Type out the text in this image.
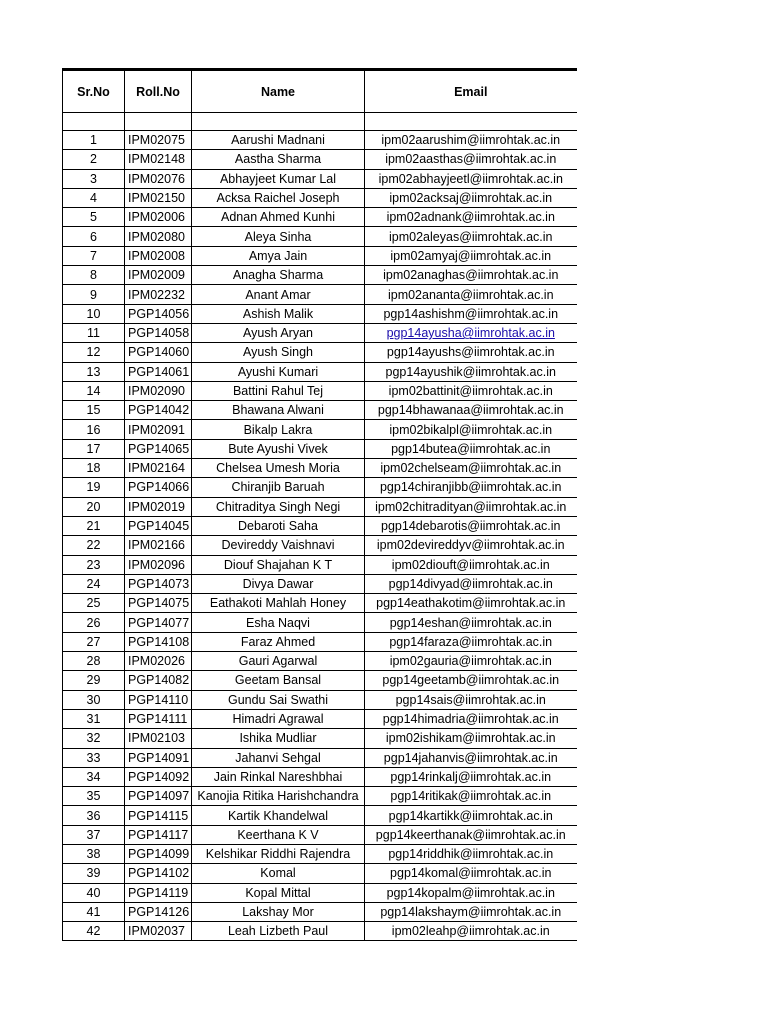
Sr.No	Roll.No	Name	Email

1	IPM02075	Aarushi Madnani	ipm02aarushim@iimrohtak.ac.in
2	IPM02148	Aastha Sharma	ipm02aasthas@iimrohtak.ac.in
3	IPM02076	Abhayjeet Kumar Lal	ipm02abhayjeetl@iimrohtak.ac.in
4	IPM02150	Acksa Raichel Joseph	ipm02acksaj@iimrohtak.ac.in
5	IPM02006	Adnan Ahmed Kunhi	ipm02adnank@iimrohtak.ac.in
6	IPM02080	Aleya Sinha	ipm02aleyas@iimrohtak.ac.in
7	IPM02008	Amya Jain	ipm02amyaj@iimrohtak.ac.in
8	IPM02009	Anagha Sharma	ipm02anaghas@iimrohtak.ac.in
9	IPM02232	Anant Amar	ipm02ananta@iimrohtak.ac.in
10	PGP14056	Ashish Malik	pgp14ashishm@iimrohtak.ac.in
11	PGP14058	Ayush Aryan	pgp14ayusha@iimrohtak.ac.in
12	PGP14060	Ayush Singh	pgp14ayushs@iimrohtak.ac.in
13	PGP14061	Ayushi Kumari	pgp14ayushik@iimrohtak.ac.in
14	IPM02090	Battini Rahul Tej	ipm02battinit@iimrohtak.ac.in
15	PGP14042	Bhawana Alwani	pgp14bhawanaa@iimrohtak.ac.in
16	IPM02091	Bikalp Lakra	ipm02bikalpl@iimrohtak.ac.in
17	PGP14065	Bute Ayushi Vivek	pgp14butea@iimrohtak.ac.in
18	IPM02164	Chelsea Umesh Moria	ipm02chelseam@iimrohtak.ac.in
19	PGP14066	Chiranjib Baruah	pgp14chiranjibb@iimrohtak.ac.in
20	IPM02019	Chitraditya Singh Negi	ipm02chitradityan@iimrohtak.ac.in
21	PGP14045	Debaroti Saha	pgp14debarotis@iimrohtak.ac.in
22	IPM02166	Devireddy Vaishnavi	ipm02devireddyv@iimrohtak.ac.in
23	IPM02096	Diouf Shajahan K T	ipm02diouft@iimrohtak.ac.in
24	PGP14073	Divya Dawar	pgp14divyad@iimrohtak.ac.in
25	PGP14075	Eathakoti Mahlah Honey	pgp14eathakotim@iimrohtak.ac.in
26	PGP14077	Esha Naqvi	pgp14eshan@iimrohtak.ac.in
27	PGP14108	Faraz Ahmed	pgp14faraza@iimrohtak.ac.in
28	IPM02026	Gauri Agarwal	ipm02gauria@iimrohtak.ac.in
29	PGP14082	Geetam Bansal	pgp14geetamb@iimrohtak.ac.in
30	PGP14110	Gundu Sai Swathi	pgp14sais@iimrohtak.ac.in
31	PGP14111	Himadri Agrawal	pgp14himadria@iimrohtak.ac.in
32	IPM02103	Ishika Mudliar	ipm02ishikam@iimrohtak.ac.in
33	PGP14091	Jahanvi Sehgal	pgp14jahanvis@iimrohtak.ac.in
34	PGP14092	Jain Rinkal Nareshbhai	pgp14rinkalj@iimrohtak.ac.in
35	PGP14097	Kanojia Ritika Harishchandra	pgp14ritikak@iimrohtak.ac.in
36	PGP14115	Kartik Khandelwal	pgp14kartikk@iimrohtak.ac.in
37	PGP14117	Keerthana K V	pgp14keerthanak@iimrohtak.ac.in
38	PGP14099	Kelshikar Riddhi Rajendra	pgp14riddhik@iimrohtak.ac.in
39	PGP14102	Komal	pgp14komal@iimrohtak.ac.in
40	PGP14119	Kopal Mittal	pgp14kopalm@iimrohtak.ac.in
41	PGP14126	Lakshay Mor	pgp14lakshaym@iimrohtak.ac.in
42	IPM02037	Leah Lizbeth Paul	ipm02leahp@iimrohtak.ac.in
